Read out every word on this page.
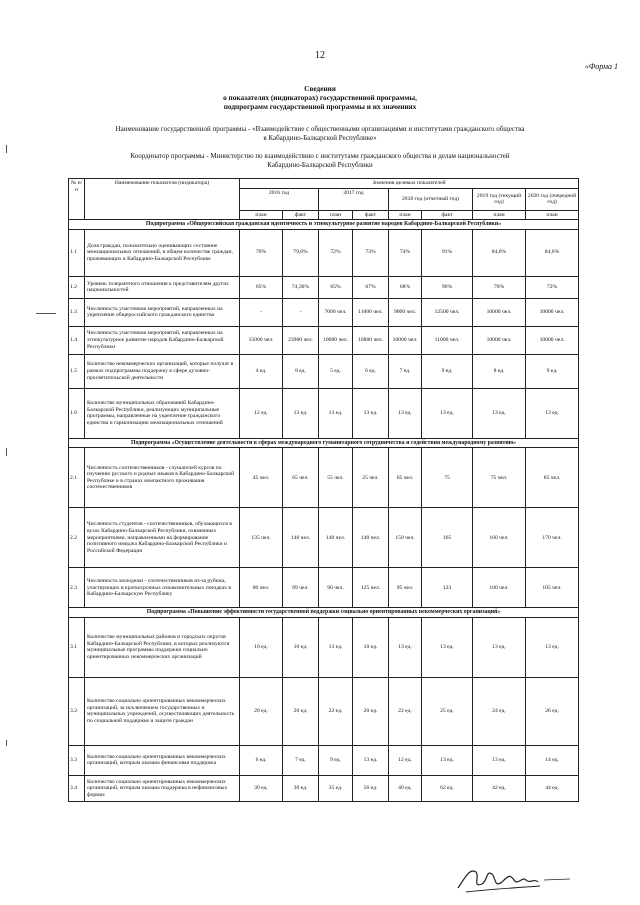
12
«Форма 1
Сведения
о показателях (индикаторах) государственной программы,
подпрограмм государственной программы и их значениях
Наименование государственной программы - «Взаимодействие с общественными организациями и институтами гражданского общества
в Кабардино-Балкарской Республике»
Координатор программы - Министерство по взаимодействию с институтами гражданского общества и делам национальностей
Кабардино-Балкарской Республики
№ п/п	Наименование показателя (индикатора)	Значения целевых показателей							
		2016 год		2017 год		2018 год (отчетный год)		2019 год (текущий год)	2020 год (очередной год)
		план	факт	план	факт	план	факт	план	план
Подпрограмма «Общероссийская гражданская идентичность и этнокультурное развитие народов Кабардино-Балкарской Республики»									
1.1	Доля граждан, положительно оценивающих состояние межнациональных отношений, в общем количестве граждан, проживающих в Кабардино-Балкарской Республике	70%	79,6%	72%	73%	74%	91%	84,6%	84,6%
1.2	Уровень толерантного отношения к представителям других национальностей	65%	74,30%	65%	67%	68%	96%	70%	72%
1.3	Численность участников мероприятий, направленных на укрепление общероссийского гражданского единства	-	-	7000 чел.	11000 чел.	9000 чел.	12500 чел.	10000 чел.	10000 чел.
1.4	Численность участников мероприятий, направленных на этнокультурное развитие народов Кабардино-Балкарской Республики	15000 чел.	23900 чел.	10000 чел.	16800 чел.	10000 чел.	11000 чел.	10000 чел.	10000 чел.
1.5	Количество некоммерческих организаций, которые получат в рамках подпрограммы поддержку в сфере духовно-просветительской деятельности	4 ед.	8 ед.	5 ед.	6 ед.	7 ед.	9 ед.	8 ед.	9 ед.
1.6	Количество муниципальных образований Кабардино-Балкарской Республики, реализующих муниципальные программы, направленные на укрепление гражданского единства и гармонизацию межнациональных отношений	12 ед.	13 ед.	13 ед.	13 ед.	13 ед.	13 ед.	13 ед.	13 ед.
Подпрограмма «Осуществление деятельности в сферах международного гуманитарного сотрудничества и содействия международному развитию»									
2.1	Численность соотечественников - слушателей курсов по изучению русского и родных языков в Кабардино-Балкарской Республике и в странах компактного проживания соотечественников	45 чел.	65 чел.	55 чел.	25 чел.	65 чел.	75	75 чел.	85 чел.
2.2	Численность студентов - соотечественников, обучающихся в вузах Кабардино-Балкарской Республики, охваченных мероприятиями, направленными на формирование позитивного имиджа Кабардино-Балкарской Республики и Российской Федерации	135 чел.	140 чел.	140 чел.	140 чел.	150 чел.	165	160 чел.	170 чел.
2.3	Численность молодежи - соотечественников из-за рубежа, участвующих в краткосрочных ознакомительных поездках в Кабардино-Балкарскую Республику	80 чел.	89 чел.	90 чел.	125 чел.	95 чел.	123	100 чел.	105 чел.
Подпрограмма «Повышение эффективности государственной поддержки социально ориентированных некоммерческих организаций»									
3.1	Количество муниципальных районов и городских округов Кабардино-Балкарской Республики, в которых реализуются муниципальные программы поддержки социально ориентированных некоммерческих организаций	10 ед.	10 ед.	13 ед.	10 ед.	13 ед.	13 ед.	13 ед.	13 ед.
3.2	Количество социально ориентированных некоммерческих организаций, за исключением государственных и муниципальных учреждений, осуществляющих деятельность по социальной поддержке и защите граждан	20 ед.	20 ед.	22 ед.	20 ед.	22 ед.	25 ед.	24 ед.	26 ед.
3.3	Количество социально ориентированных некоммерческих организаций, которым оказана финансовая поддержка	6 ед.	7 ед.	9 ед.	13 ед.	12 ед.	13 ед.	13 ед.	14 ед.
3.4	Количество социально ориентированных некоммерческих организаций, которым оказана поддержка в нефинансовых формах	30 ед.	30 ед.	35 ед.	56 ед.	40 ед.	62 ед.	42 ед.	44 ед.
